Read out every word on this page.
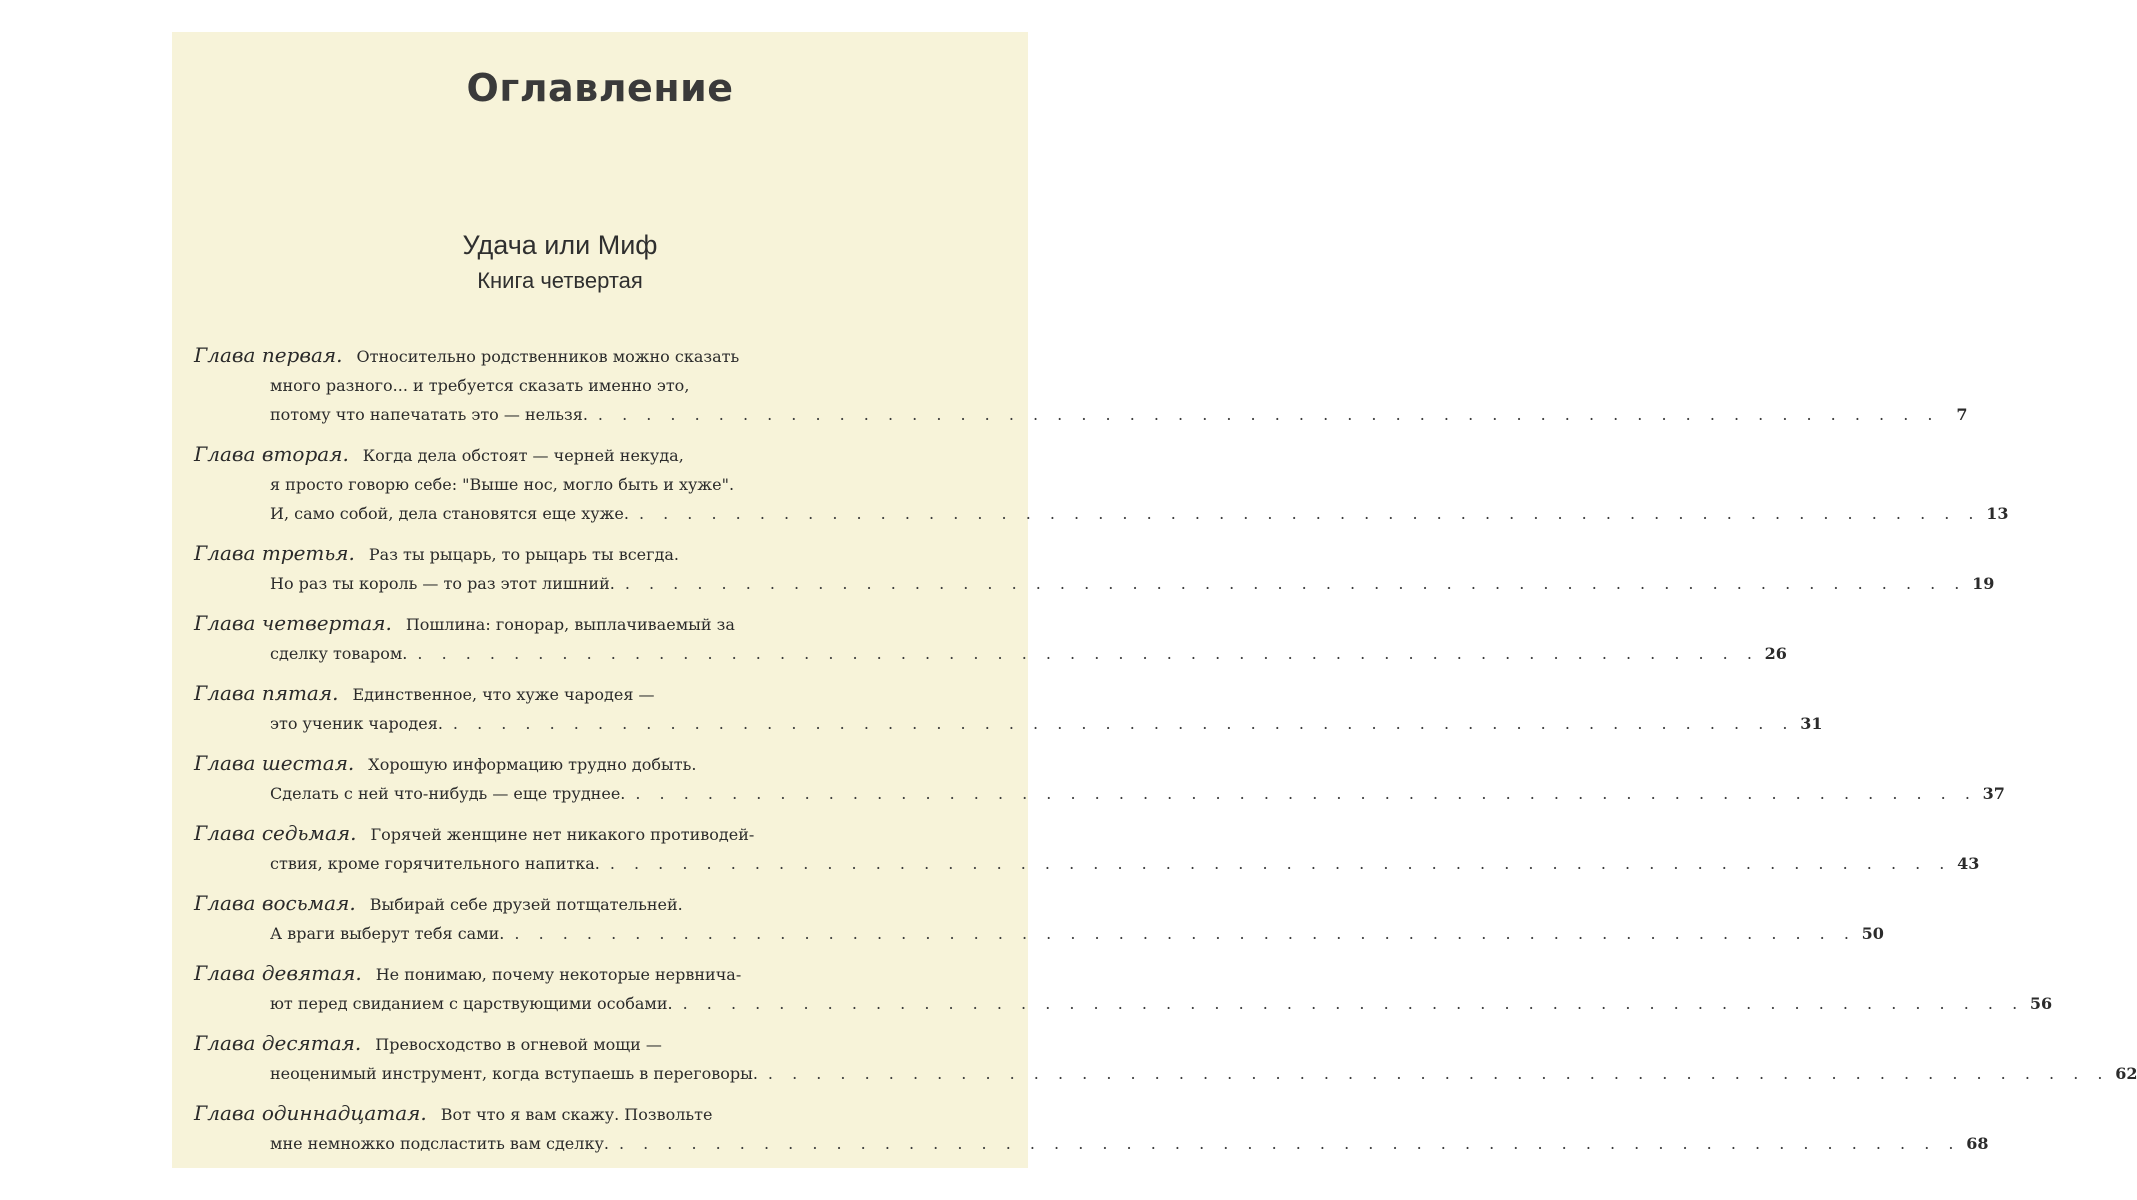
Оглавление
Удача или Миф
Книга четвертая
Глава первая. Относительно родственников можно сказать
много разного... и требуется сказать именно это,
потому что напечатать это — нельзя. . . . . . . . . . . . . . . . . . . . . . . . . . . . . . . . . . . . . . . . . . . . . . . . . . . . . . . . .	7
Глава вторая. Когда дела обстоят — черней некуда,
я просто говорю себе: "Выше нос, могло быть и хуже".
И, само собой, дела становятся еще хуже. . . . . . . . . . . . . . . . . . . . . . . . . . . . . . . . . . . . . . . . . . . . . . . . . . . . . . . . . 13
Глава третья. Раз ты рыцарь, то рыцарь ты всегда.
Но раз ты король — то раз этот лишний. . . . . . . . . . . . . . . . . . . . . . . . . . . . . . . . . . . . . . . . . . . . . . . . . . . . . . . . . 19
Глава четвертая. Пошлина: гонорар, выплачиваемый за
сделку товаром. . . . . . . . . . . . . . . . . . . . . . . . . . . . . . . . . . . . . . . . . . . . . . . . . . . . . . . . . 26
Глава пятая. Единственное, что хуже чародея —
это ученик чародея. . . . . . . . . . . . . . . . . . . . . . . . . . . . . . . . . . . . . . . . . . . . . . . . . . . . . . . . . 31
Глава шестая. Хорошую информацию трудно добыть.
Сделать с ней что-нибудь — еще труднее. . . . . . . . . . . . . . . . . . . . . . . . . . . . . . . . . . . . . . . . . . . . . . . . . . . . . . . . . 37
Глава седьмая. Горячей женщине нет никакого противодей-
ствия, кроме горячительного напитка. . . . . . . . . . . . . . . . . . . . . . . . . . . . . . . . . . . . . . . . . . . . . . . . . . . . . . . . . 43
Глава восьмая. Выбирай себе друзей потщательней.
А враги выберут тебя сами. . . . . . . . . . . . . . . . . . . . . . . . . . . . . . . . . . . . . . . . . . . . . . . . . . . . . . . . . 50
Глава девятая. Не понимаю, почему некоторые нервнича-
ют перед свиданием с царствующими особами. . . . . . . . . . . . . . . . . . . . . . . . . . . . . . . . . . . . . . . . . . . . . . . . . . . . . . . . . 56
Глава десятая. Превосходство в огневой мощи —
неоценимый инструмент, когда вступаешь в переговоры. . . . . . . . . . . . . . . . . . . . . . . . . . . . . . . . . . . . . . . . . . . . . . . . . . . . . . . . . 62
Глава одиннадцатая. Вот что я вам скажу. Позвольте
мне немножко подсластить вам сделку. . . . . . . . . . . . . . . . . . . . . . . . . . . . . . . . . . . . . . . . . . . . . . . . . . . . . . . . . 68
